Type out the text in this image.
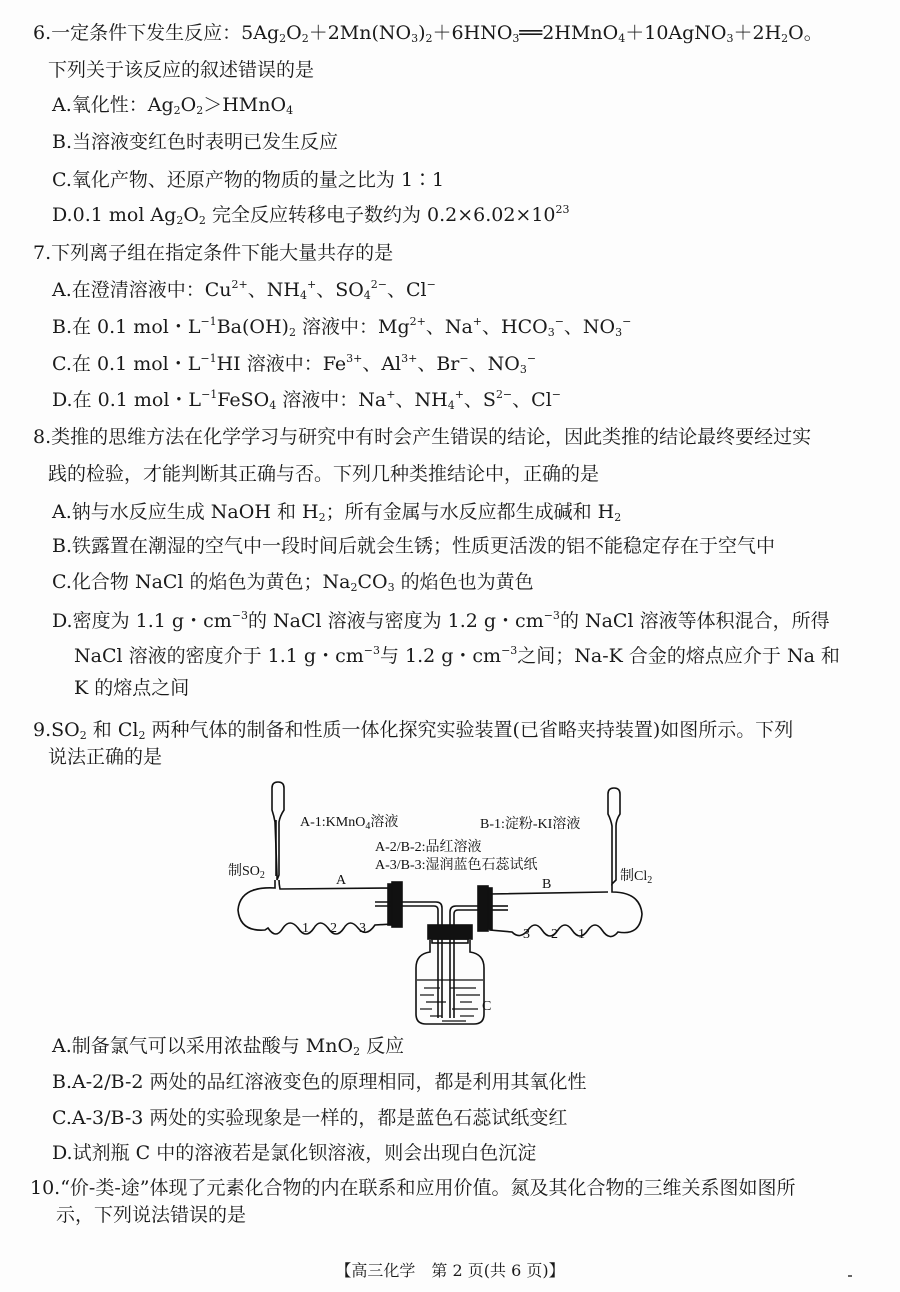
6.一定条件下发生反应：$5Ag_2O_2+2Mn(NO_3)_2+6HNO_3══2HMnO_4+10AgNO_3+2H_2O$。
下列关于该反应的叙述错误的是
A.氧化性：$Ag_2O_2>HMnO_4$
B.当溶液变红色时表明已发生反应
C.氧化产物、还原产物的物质的量之比为 1∶1
D.0.1 mol $Ag_2O_2$ 完全反应转移电子数约为 $0.2\times 6.02\times 10^{23}$
7.下列离子组在指定条件下能大量共存的是
A.在澄清溶液中：$Cu^{2+}$、$NH_4^+$、$SO_4^{2-}$、Cl−
B.在 0.1 mol・$L^{-1}Ba(OH)_2$ 溶液中：$Mg^{2+}$、Na+、$HCO_3^-$、$NO_3^-$
C.在 0.1 mol・$L^{-1}HI$ 溶液中：$Fe^{3+}$、$Al^{3+}$、Br−、$NO_3^-$
D.在 0.1 mol・$L^{-1}FeSO_4$ 溶液中：Na+、$NH_4^+$、$S^{2-}$、Cl−
8.类推的思维方法在化学学习与研究中有时会产生错误的结论，因此类推的结论最终要经过实
践的检验，才能判断其正确与否。下列几种类推结论中，正确的是
A.钠与水反应生成 NaOH 和 $H_2$；所有金属与水反应都生成碱和 $H_2$
B.铁露置在潮湿的空气中一段时间后就会生锈；性质更活泼的铝不能稳定存在于空气中
C.化合物 NaCl 的焰色为黄色；$Na_2CO_3$ 的焰色也为黄色
D.密度为 1.1 g・$cm^{-3}$的 NaCl 溶液与密度为 1.2 g・$cm^{-3}$的 NaCl 溶液等体积混合，所得
NaCl 溶液的密度介于 1.1 g・$cm^{-3}$与 1.2 g・$cm^{-3}$之间；Na-K 合金的熔点应介于 Na 和
K 的熔点之间
$9.SO_2$ 和 $Cl_2$ 两种气体的制备和性质一体化探究实验装置(已省略夹持装置)如图所示。下列
说法正确的是
A-1:KMnO$_4$溶液	B-1:淀粉-KI溶液
A-2/B-2:品红溶液
A-3/B-3:湿润蓝色石蕊试纸
制$SO_2$	制$Cl_2$
A	B
C
1 2 3	3 2 1
A.制备氯气可以采用浓盐酸与 MnO$_2$ 反应
B.A-2/B-2 两处的品红溶液变色的原理相同，都是利用其氧化性
C.A-3/B-3 两处的实验现象是一样的，都是蓝色石蕊试纸变红
D.试剂瓶 C 中的溶液若是氯化钡溶液，则会出现白色沉淀
10.“价-类-途”体现了元素化合物的内在联系和应用价值。氮及其化合物的三维关系图如图所
示，下列说法错误的是
【高三化学　第 2 页(共 6 页)】
